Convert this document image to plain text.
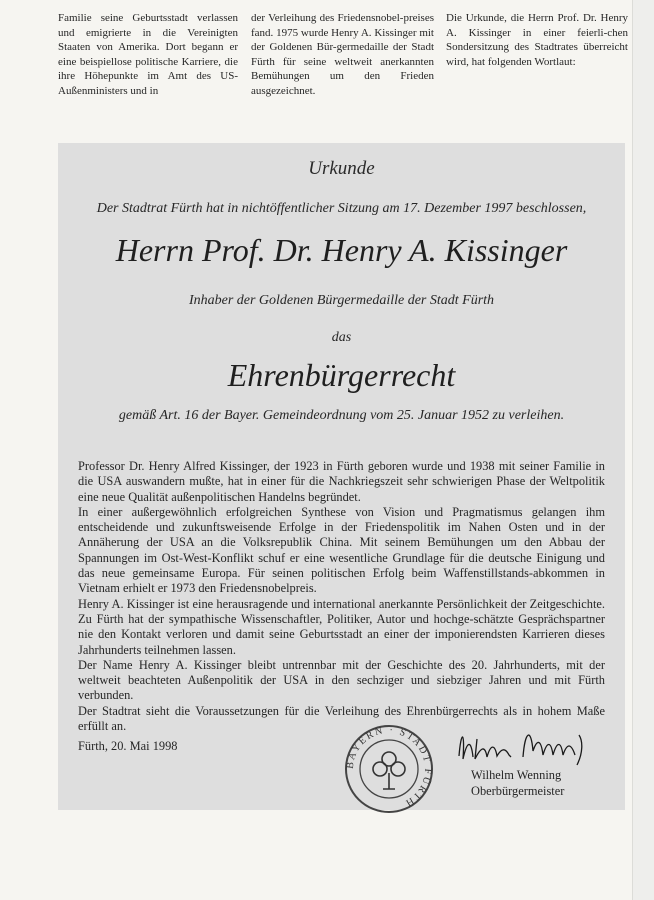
Familie seine Geburtsstadt verlassen und emigrierte in die Vereinigten Staaten von Amerika. Dort begann er eine beispiellose politische Karriere, die ihre Höhepunkte im Amt des US-Außenministers und in

der Verleihung des Friedensnobel-preises fand. 1975 wurde Henry A. Kissinger mit der Goldenen Bür-germedaille der Stadt Fürth für seine weltweit anerkannten Bemühungen um den Frieden ausgezeichnet.

Die Urkunde, die Herrn Prof. Dr. Henry A. Kissinger in einer feierli-chen Sondersitzung des Stadtrates überreicht wird, hat folgenden Wortlaut:

Urkunde

Der Stadtrat Fürth hat in nichtöffentlicher Sitzung am 17. Dezember 1997 beschlossen,

Herrn Prof. Dr. Henry A. Kissinger

Inhaber der Goldenen Bürgermedaille der Stadt Fürth

das

Ehrenbürgerrecht

gemäß Art. 16 der Bayer. Gemeindeordnung vom 25. Januar 1952 zu verleihen.

Professor Dr. Henry Alfred Kissinger, der 1923 in Fürth geboren wurde und 1938 mit seiner Familie in die USA auswandern mußte, hat in einer für die Nachkriegszeit sehr schwierigen Phase der Weltpolitik eine neue Qualität außenpolitischen Handelns begründet.

In einer außergewöhnlich erfolgreichen Synthese von Vision und Pragmatismus gelangen ihm entscheidende und zukunftsweisende Erfolge in der Friedenspolitik im Nahen Osten und in der Annäherung der USA an die Volksrepublik China. Mit seinem Bemühungen um den Abbau der Spannungen im Ost-West-Konflikt schuf er eine wesentliche Grundlage für die deutsche Einigung und das neue gemeinsame Europa. Für seinen politischen Erfolg beim Waffenstillstands-abkommen in Vietnam erhielt er 1973 den Friedensnobelpreis.

Henry A. Kissinger ist eine herausragende und international anerkannte Persönlichkeit der Zeitgeschichte. Zu Fürth hat der sympathische Wissenschaftler, Politiker, Autor und hochge-schätzte Gesprächspartner nie den Kontakt verloren und damit seine Geburtsstadt an einer der imponierendsten Karrieren dieses Jahrhunderts teilnehmen lassen.

Der Name Henry A. Kissinger bleibt untrennbar mit der Geschichte des 20. Jahrhunderts, mit der weltweit beachteten Außenpolitik der USA in den sechziger und siebziger Jahren und mit Fürth verbunden.

Der Stadtrat sieht die Voraussetzungen für die Verleihung des Ehrenbürgerrechts als in hohem Maße erfüllt an.

Fürth, 20. Mai 1998

BAYERN · STADT FÜRTH

Wilhelm Wenning

Oberbürgermeister
